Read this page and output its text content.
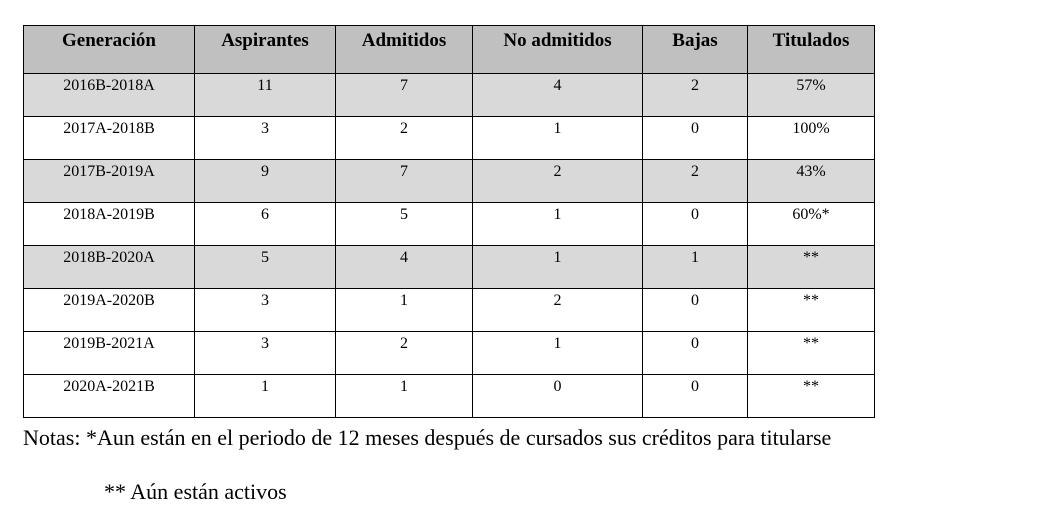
Generación	Aspirantes	Admitidos	No admitidos	Bajas	Titulados
2016B-2018A	11	7	4	2	57%
2017A-2018B	3	2	1	0	100%
2017B-2019A	9	7	2	2	43%
2018A-2019B	6	5	1	0	60%*
2018B-2020A	5	4	1	1	**
2019A-2020B	3	1	2	0	**
2019B-2021A	3	2	1	0	**
2020A-2021B	1	1	0	0	**
Notas: *Aun están en el periodo de 12 meses después de cursados sus créditos para titularse
** Aún están activos
